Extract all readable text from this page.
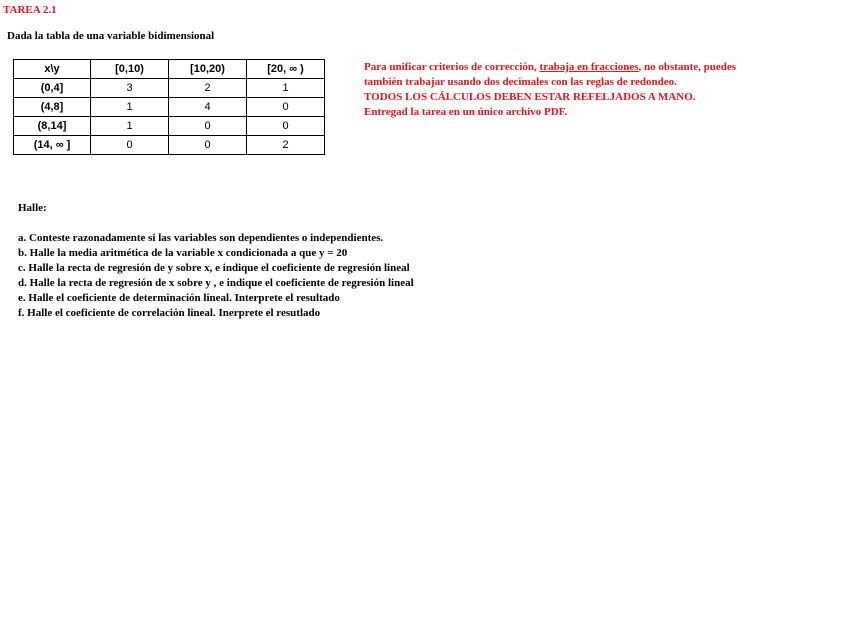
TAREA 2.1
Dada la tabla de una variable bidimensional
x\y	[0,10)	[10,20)	[20, ∞ )
(0,4]	3	2	1
(4,8]	1	4	0
(8,14]	1	0	0
(14, ∞ ]	0	0	2
Para unificar criterios de corrección, trabaja en fracciones, no obstante, puedes también trabajar usando dos decimales con las reglas de redondeo.
TODOS LOS CÁLCULOS DEBEN ESTAR REFELJADOS A MANO.
Entregad la tarea en un único archivo PDF.
Halle:
a. Conteste razonadamente si las variables son dependientes o independientes.
b. Halle la media aritmética de la variable x condicionada a que y = 20
c. Halle la recta de regresión de y sobre x, e indique el coeficiente de regresión lineal
d. Halle la recta de regresión de x sobre y , e indique el coeficiente de regresión lineal
e. Halle el coeficiente de determinación lineal. Interprete el resultado
f. Halle el coeficiente de correlación lineal. Inerprete el resutlado
